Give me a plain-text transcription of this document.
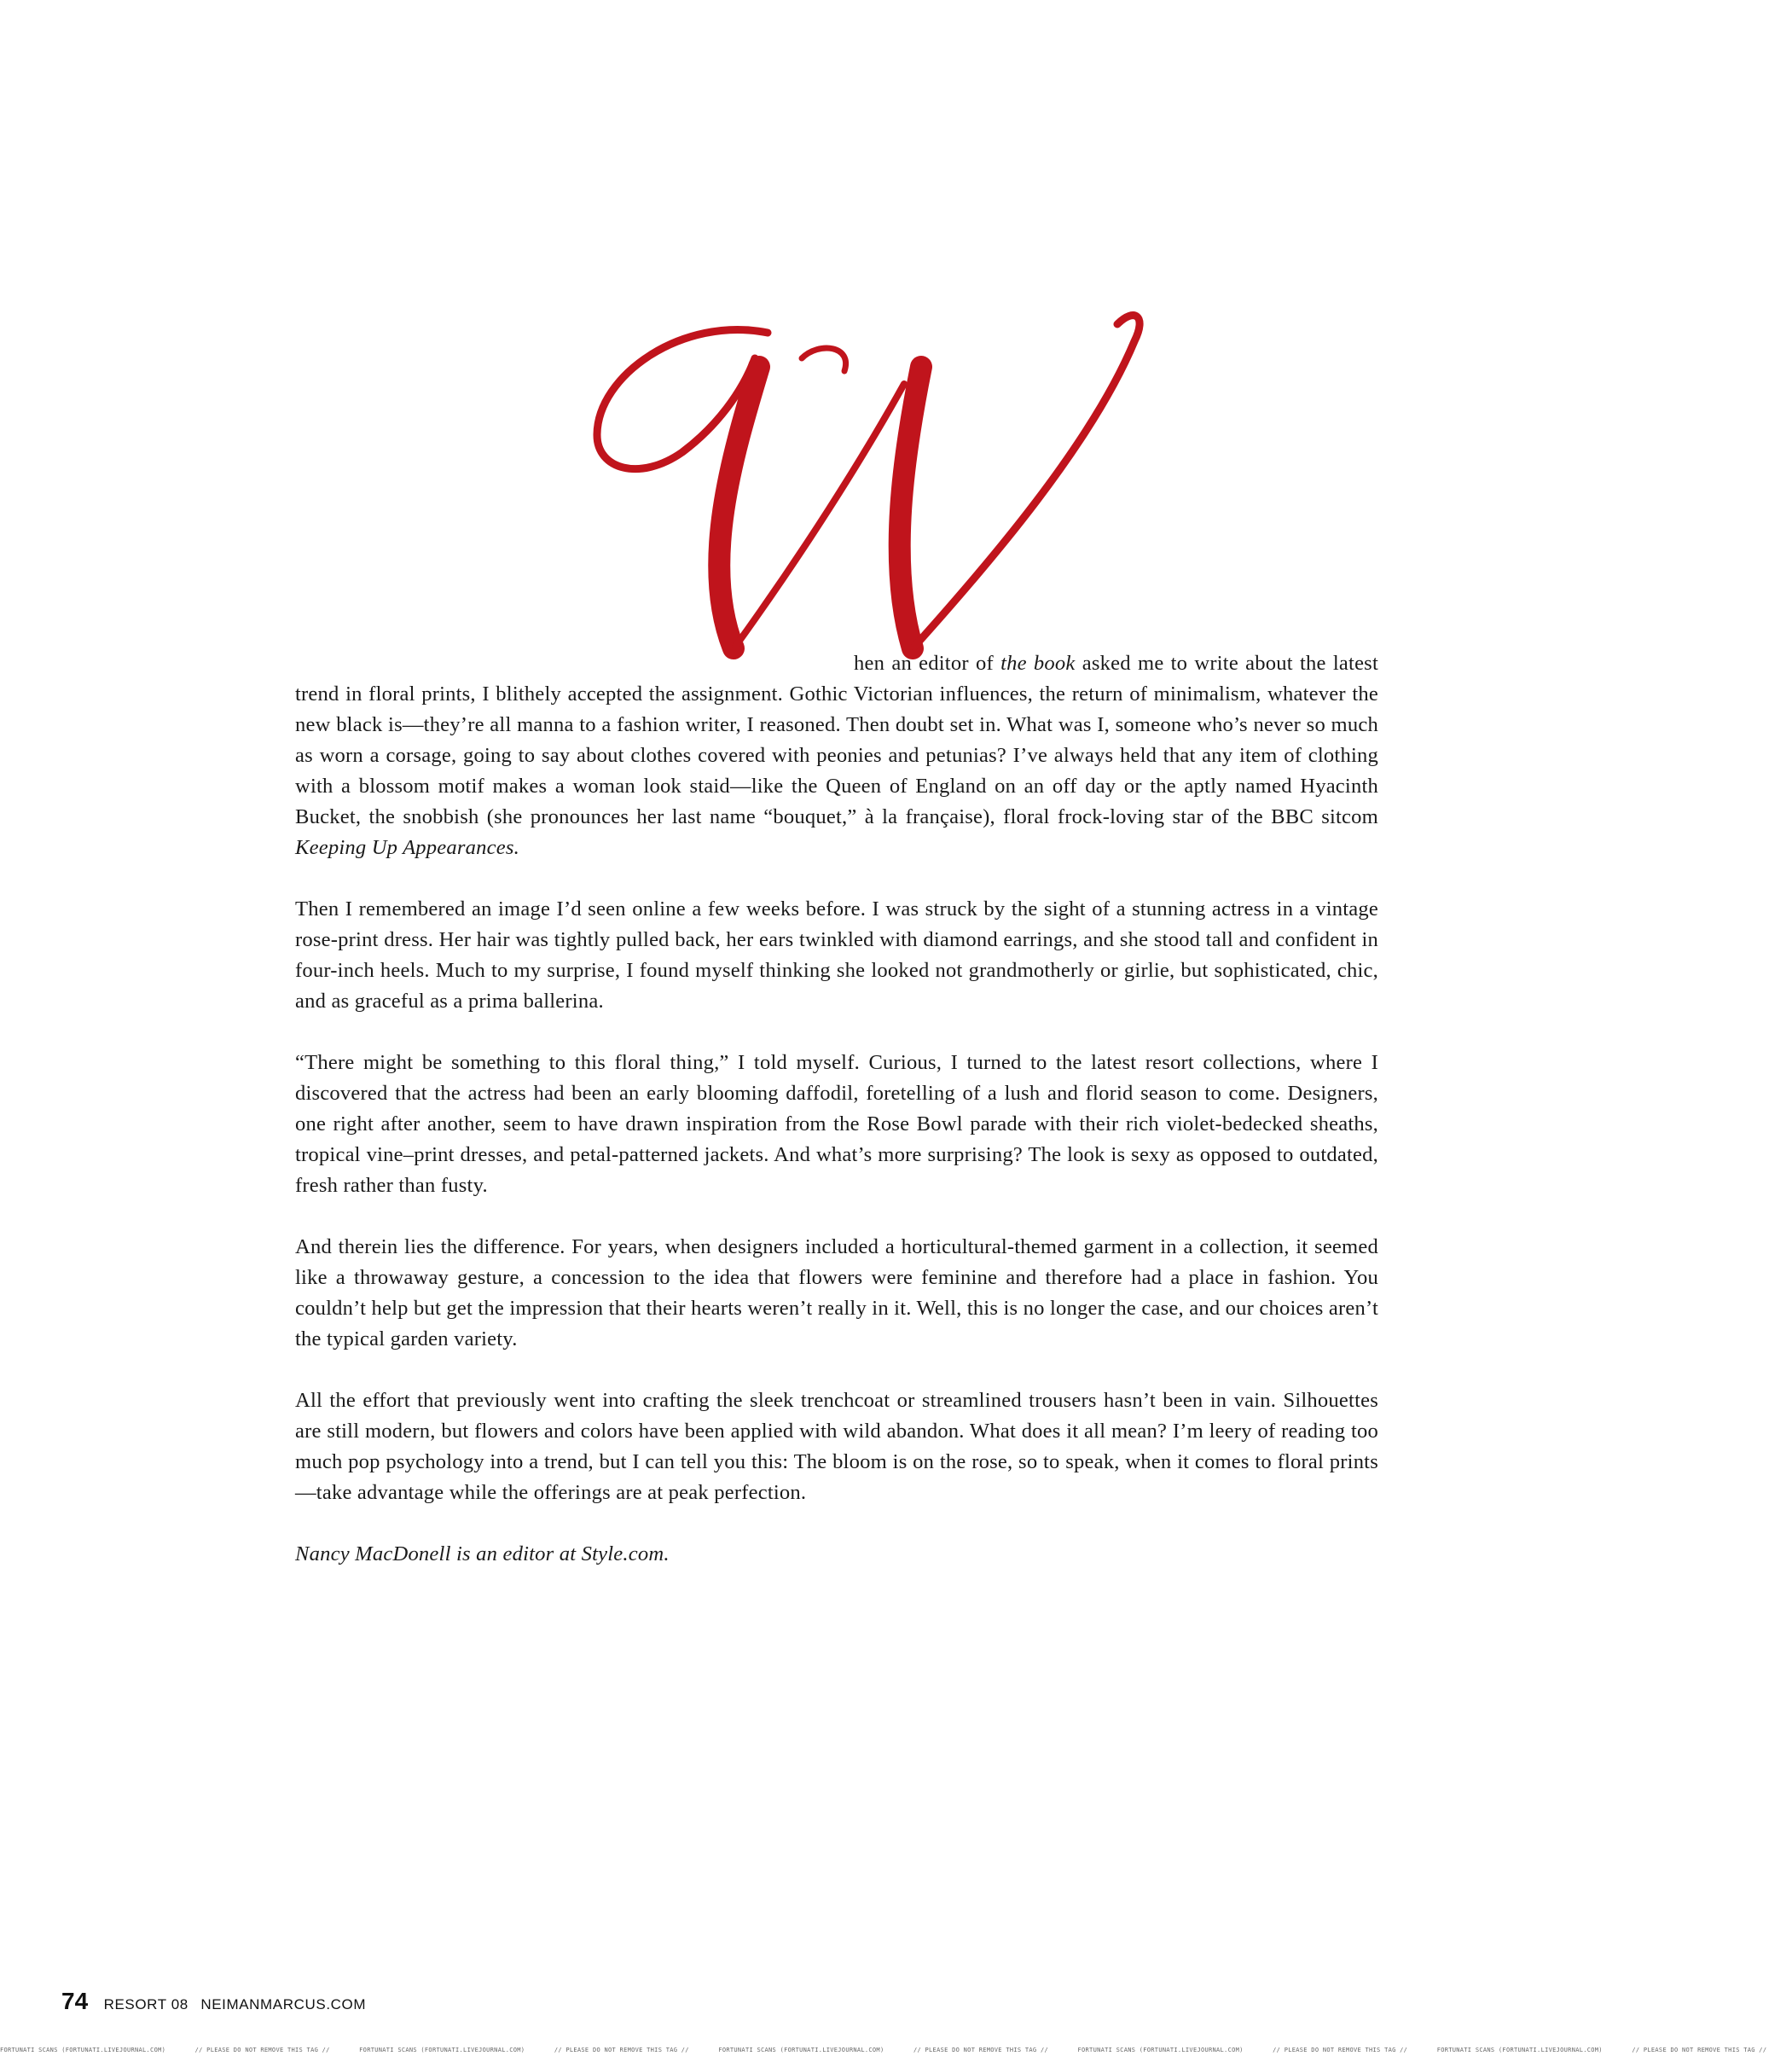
hen an editor of the book asked me to write about the latest trend in floral prints, I blithely accepted the assignment. Gothic Victorian influences, the return of minimalism, whatever the new black is—they’re all manna to a fashion writer, I reasoned. Then doubt set in. What was I, someone who’s never so much as worn a corsage, going to say about clothes covered with peonies and petunias? I’ve always held that any item of clothing with a blossom motif makes a woman look staid—like the Queen of England on an off day or the aptly named Hyacinth Bucket, the snobbish (she pronounces her last name “bouquet,” à la française), floral frock-loving star of the BBC sitcom Keeping Up Appearances.

Then I remembered an image I’d seen online a few weeks before. I was struck by the sight of a stunning actress in a vintage rose-print dress. Her hair was tightly pulled back, her ears twinkled with diamond earrings, and she stood tall and confident in four-inch heels. Much to my surprise, I found myself thinking she looked not grandmotherly or girlie, but sophisticated, chic, and as graceful as a prima ballerina.

“There might be something to this floral thing,” I told myself. Curious, I turned to the latest resort collections, where I discovered that the actress had been an early blooming daffodil, foretelling of a lush and florid season to come. Designers, one right after another, seem to have drawn inspiration from the Rose Bowl parade with their rich violet-bedecked sheaths, tropical vine–print dresses, and petal-patterned jackets. And what’s more surprising? The look is sexy as opposed to outdated, fresh rather than fusty.

And therein lies the difference. For years, when designers included a horticultural-themed garment in a collection, it seemed like a throwaway gesture, a concession to the idea that flowers were feminine and therefore had a place in fashion. You couldn’t help but get the impression that their hearts weren’t really in it. Well, this is no longer the case, and our choices aren’t the typical garden variety.

All the effort that previously went into crafting the sleek trenchcoat or streamlined trousers hasn’t been in vain. Silhouettes are still modern, but flowers and colors have been applied with wild abandon. What does it all mean? I’m leery of reading too much pop psychology into a trend, but I can tell you this: The bloom is on the rose, so to speak, when it comes to floral prints—take advantage while the offerings are at peak perfection.

Nancy MacDonell is an editor at Style.com.

74 RESORT 08 NEIMANMARCUS.COM
FORTUNATI SCANS (FORTUNATI.LIVEJOURNAL.COM)	// PLEASE DO NOT REMOVE THIS TAG //	FORTUNATI SCANS (FORTUNATI.LIVEJOURNAL.COM)	// PLEASE DO NOT REMOVE THIS TAG //	FORTUNATI SCANS (FORTUNATI.LIVEJOURNAL.COM)	// PLEASE DO NOT REMOVE THIS TAG //	FORTUNATI SCANS (FORTUNATI.LIVEJOURNAL.COM)	// PLEASE DO NOT REMOVE THIS TAG //	FORTUNATI SCANS (FORTUNATI.LIVEJOURNAL.COM)	// PLEASE DO NOT REMOVE THIS TAG //
